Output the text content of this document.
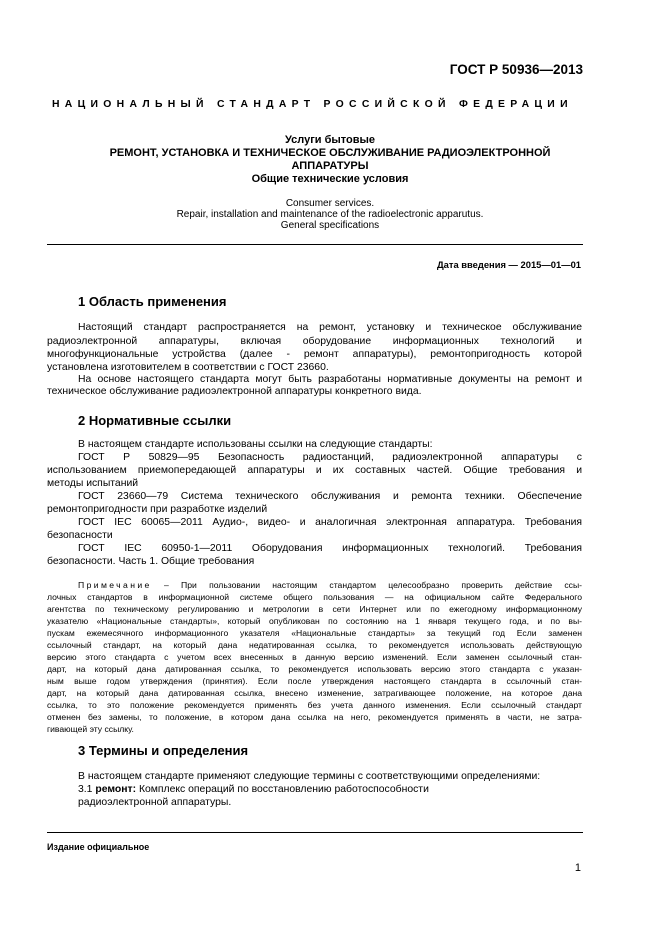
ГОСТ Р 50936—2013
НАЦИОНАЛЬНЫЙ СТАНДАРТ РОССИЙСКОЙ ФЕДЕРАЦИИ
Услуги бытовые
РЕМОНТ, УСТАНОВКА И ТЕХНИЧЕСКОЕ ОБСЛУЖИВАНИЕ РАДИОЭЛЕКТРОННОЙ
АППАРАТУРЫ
Общие технические условия
Consumer services.
Repair, installation and maintenance of the radioelectronic apparutus.
General specifications
Дата введения — 2015—01—01
1 Область применения
Настоящий стандарт распространяется на ремонт, установку и техническое обслуживание
радиоэлектронной аппаратуры, включая оборудование информационных технологий и
многофункциональные устройства (далее - ремонт аппаратуры), ремонтопригодность которой
установлена изготовителем в соответствии с ГОСТ 23660.
На основе настоящего стандарта могут быть разработаны нормативные документы на ремонт и
техническое обслуживание радиоэлектронной аппаратуры конкретного вида.
2 Нормативные ссылки
В настоящем стандарте использованы ссылки на следующие стандарты:
ГОСТ Р 50829—95 Безопасность радиостанций, радиоэлектронной аппаратуры с
использованием приемопередающей аппаратуры и их составных частей. Общие требования и
методы испытаний
ГОСТ 23660—79 Система технического обслуживания и ремонта техники. Обеспечение
ремонтопригодности при разработке изделий
ГОСТ IEC 60065—2011 Аудио-, видео- и аналогичная электронная аппаратура. Требования
безопасности
ГОСТ IEC 60950-1—2011 Оборудования информационных технологий. Требования
безопасности. Часть 1. Общие требования
Примечание – При пользовании настоящим стандартом целесообразно проверить действие ссы-
лочных стандартов в информационной системе общего пользования — на официальном сайте Федерального
агентства по техническому регулированию и метрологии в сети Интернет или по ежегодному информационному
указателю «Национальные стандарты», который опубликован по состоянию на 1 января текущего года, и по вы-
пускам ежемесячного информационного указателя «Национальные стандарты» за текущий год Если заменен
ссылочный стандарт, на который дана недатированная ссылка, то рекомендуется использовать действующую
версию этого стандарта с учетом всех внесенных в данную версию изменений. Если заменен ссылочный стан-
дарт, на который дана датированная ссылка, то рекомендуется использовать версию этого стандарта с указан-
ным выше годом утверждения (принятия). Если после утверждения настоящего стандарта в ссылочный стан-
дарт, на который дана датированная ссылка, внесено изменение, затрагивающее положение, на которое дана
ссылка, то это положение рекомендуется применять без учета данного изменения. Если ссылочный стандарт
отменен без замены, то положение, в котором дана ссылка на него, рекомендуется применять в части, не затра-
гивающей эту ссылку.
3 Термины и определения
В настоящем стандарте применяют следующие термины с соответствующими определениями:
3.1 ремонт: Комплекс операций по восстановлению работоспособности
радиоэлектронной аппаратуры.
Издание официальное
1
